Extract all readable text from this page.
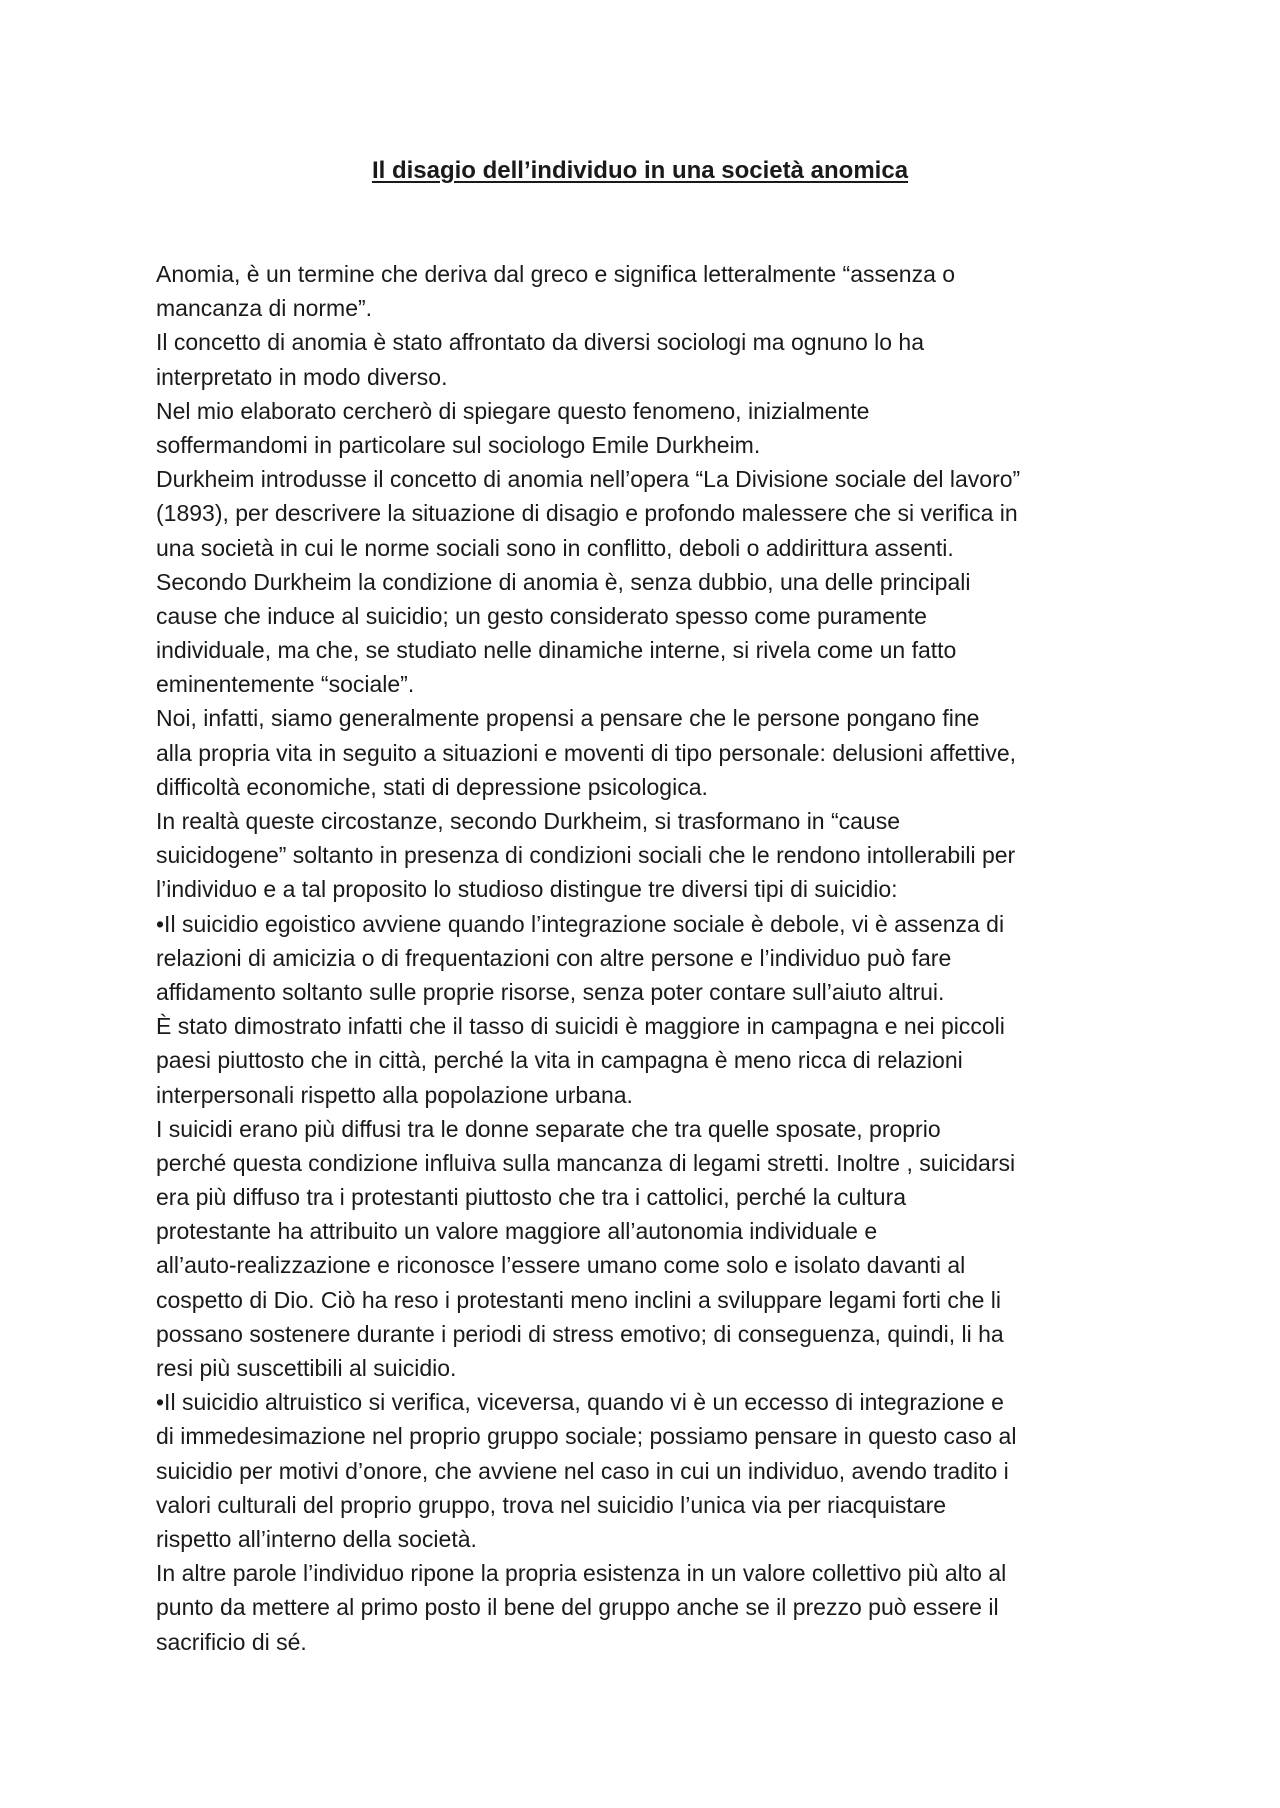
Il disagio dell’individuo in una società anomica
Anomia, è un termine che deriva dal greco e significa letteralmente “assenza o
mancanza di norme”.
Il concetto di anomia è stato affrontato da diversi sociologi ma ognuno lo ha
interpretato in modo diverso.
Nel mio elaborato cercherò di spiegare questo fenomeno, inizialmente
soffermandomi in particolare sul sociologo Emile Durkheim.
Durkheim introdusse il concetto di anomia nell’opera “La Divisione sociale del lavoro”
(1893), per descrivere la situazione di disagio e profondo malessere che si verifica in
una società in cui le norme sociali sono in conflitto, deboli o addirittura assenti.
Secondo Durkheim la condizione di anomia è, senza dubbio, una delle principali
cause che induce al suicidio; un gesto considerato spesso come puramente
individuale, ma che, se studiato nelle dinamiche interne, si rivela come un fatto
eminentemente “sociale”.
Noi, infatti, siamo generalmente propensi a pensare che le persone pongano fine
alla propria vita in seguito a situazioni e moventi di tipo personale: delusioni affettive,
difficoltà economiche, stati di depressione psicologica.
In realtà queste circostanze, secondo Durkheim, si trasformano in “cause
suicidogene” soltanto in presenza di condizioni sociali che le rendono intollerabili per
l’individuo e a tal proposito lo studioso distingue tre diversi tipi di suicidio:
•Il suicidio egoistico avviene quando l’integrazione sociale è debole, vi è assenza di
relazioni di amicizia o di frequentazioni con altre persone e l’individuo può fare
affidamento soltanto sulle proprie risorse, senza poter contare sull’aiuto altrui.
È stato dimostrato infatti che il tasso di suicidi è maggiore in campagna e nei piccoli
paesi piuttosto che in città, perché la vita in campagna è meno ricca di relazioni
interpersonali rispetto alla popolazione urbana.
I suicidi erano più diffusi tra le donne separate che tra quelle sposate, proprio
perché questa condizione influiva sulla mancanza di legami stretti. Inoltre , suicidarsi
era più diffuso tra i protestanti piuttosto che tra i cattolici, perché la cultura
protestante ha attribuito un valore maggiore all’autonomia individuale e
all’auto-realizzazione e riconosce l’essere umano come solo e isolato davanti al
cospetto di Dio. Ciò ha reso i protestanti meno inclini a sviluppare legami forti che li
possano sostenere durante i periodi di stress emotivo; di conseguenza, quindi, li ha
resi più suscettibili al suicidio.
•Il suicidio altruistico si verifica, viceversa, quando vi è un eccesso di integrazione e
di immedesimazione nel proprio gruppo sociale; possiamo pensare in questo caso al
suicidio per motivi d’onore, che avviene nel caso in cui un individuo, avendo tradito i
valori culturali del proprio gruppo, trova nel suicidio l’unica via per riacquistare
rispetto all’interno della società.
In altre parole l’individuo ripone la propria esistenza in un valore collettivo più alto al
punto da mettere al primo posto il bene del gruppo anche se il prezzo può essere il
sacrificio di sé.
